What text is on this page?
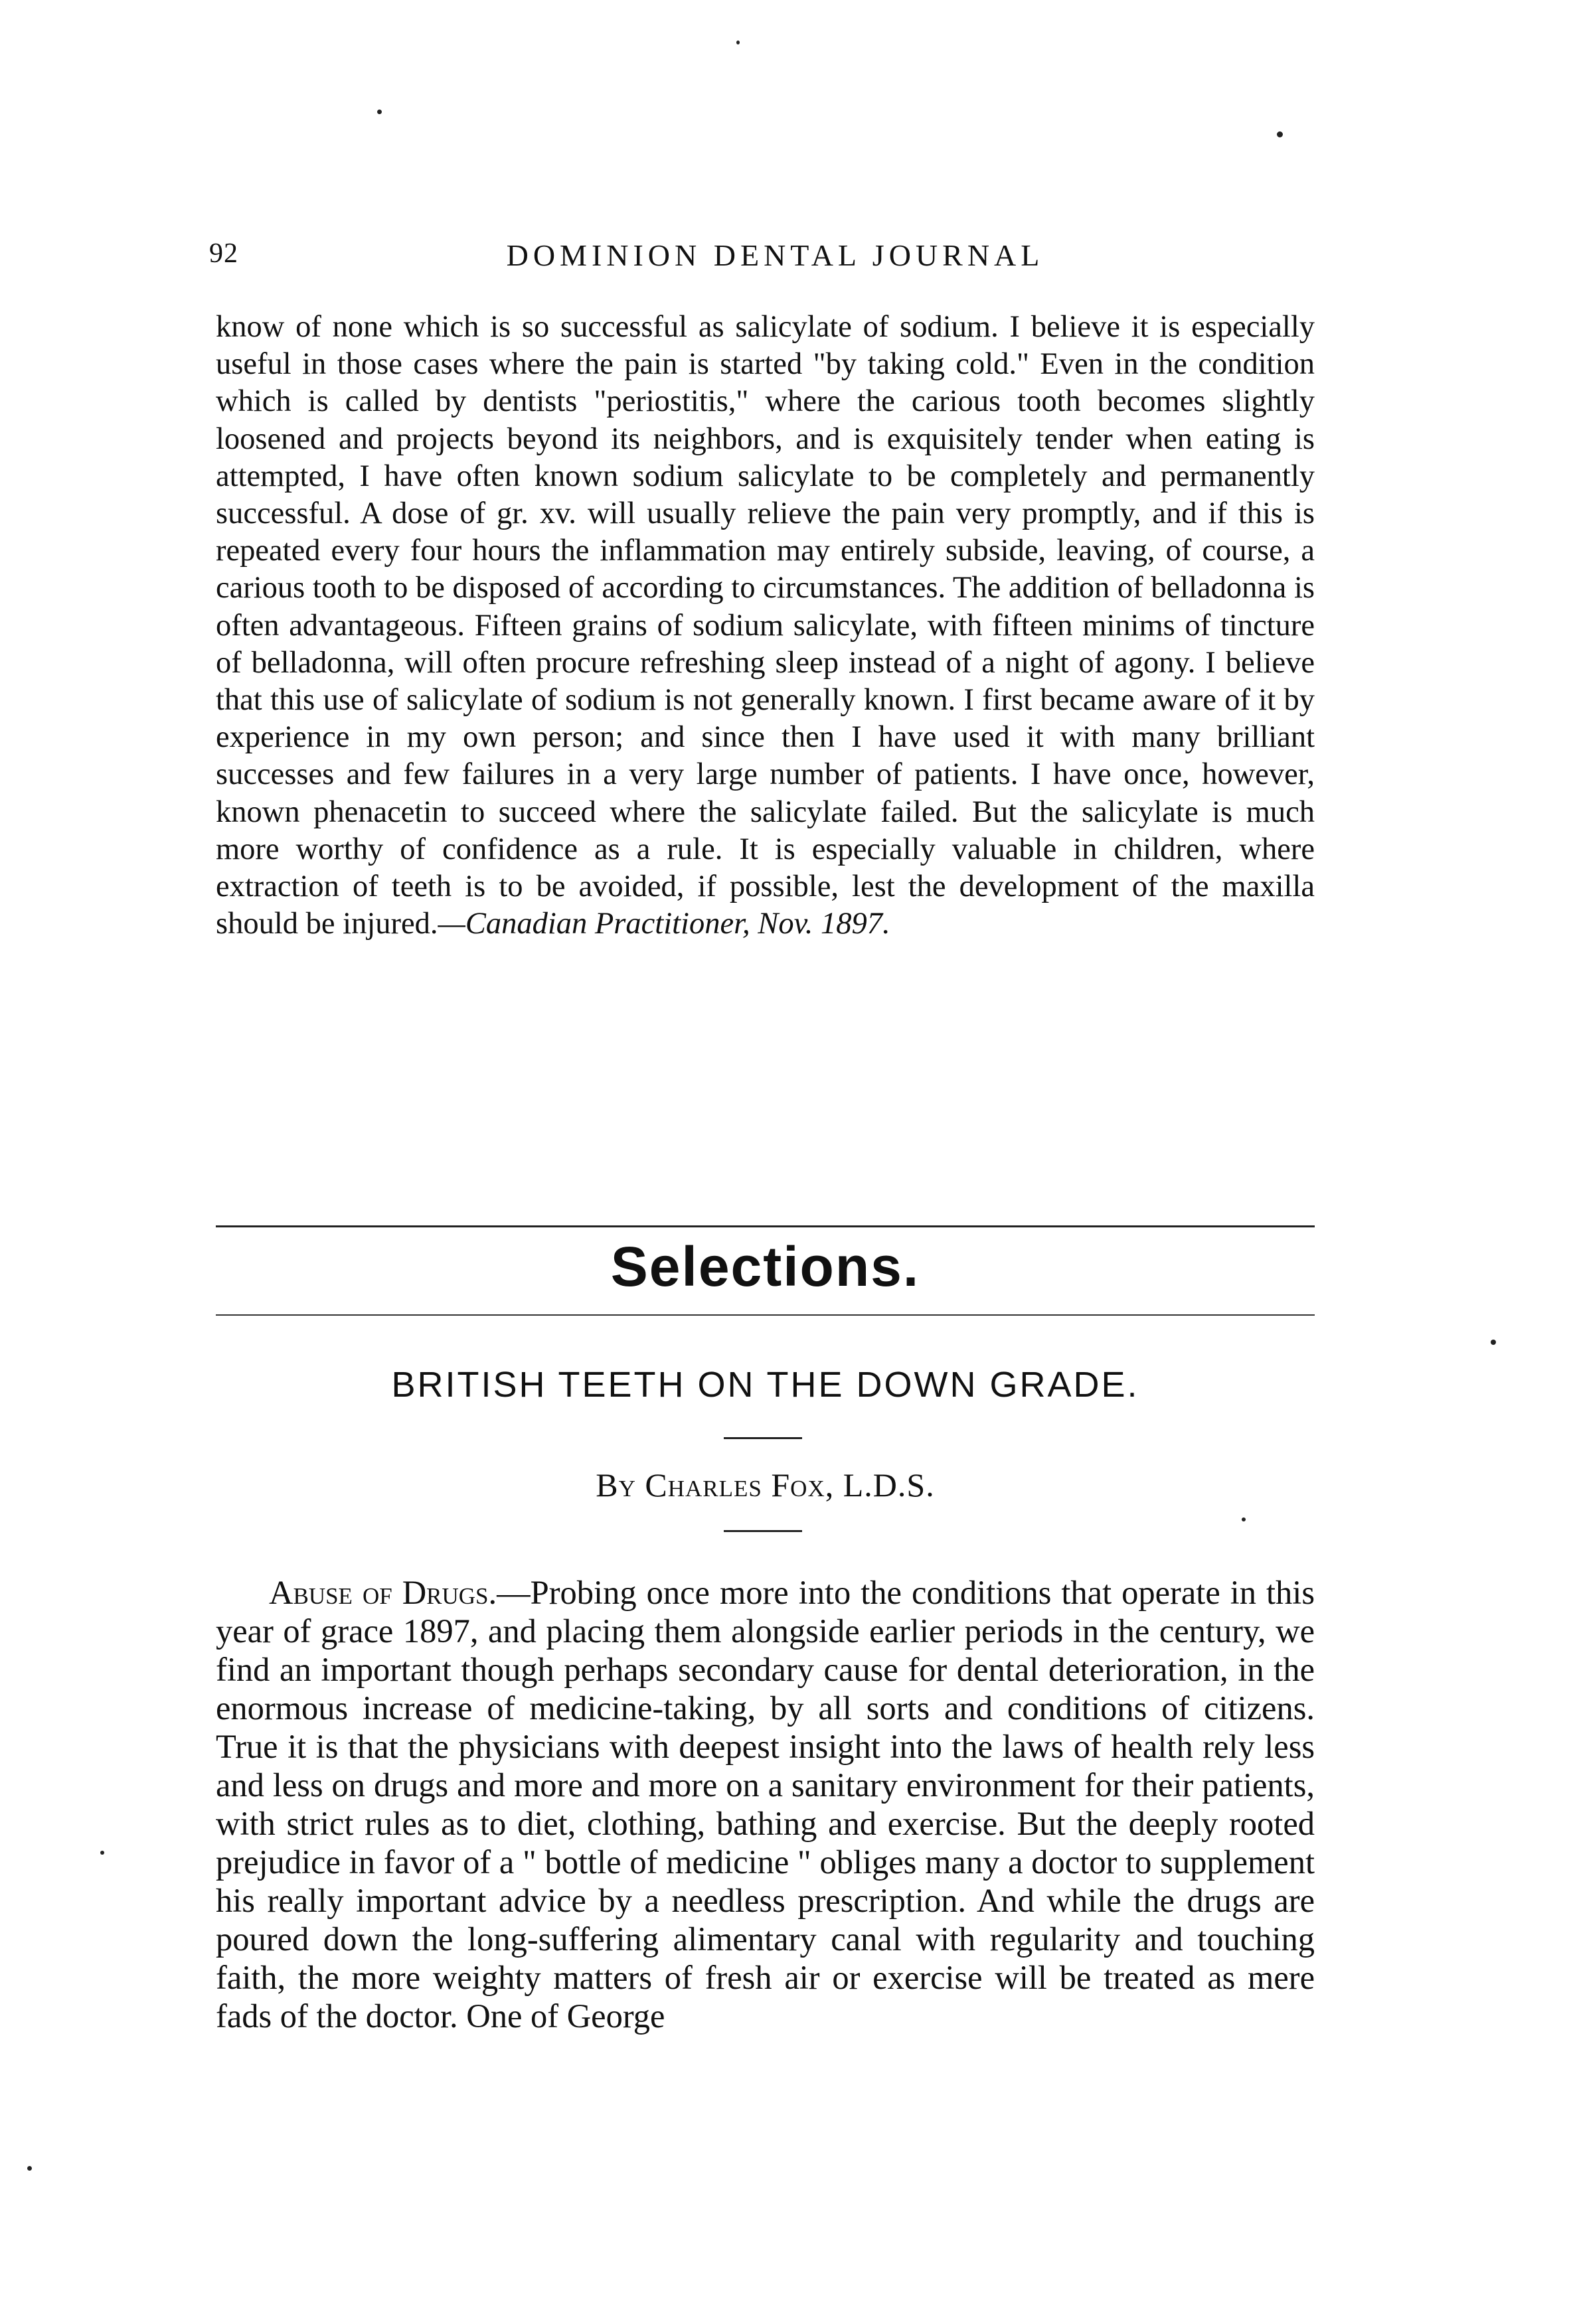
92	DOMINION DENTAL JOURNAL

know of none which is so successful as salicylate of sodium. I believe it is especially useful in those cases where the pain is started "by taking cold." Even in the condition which is called by dentists "periostitis," where the carious tooth becomes slightly loosened and projects beyond its neighbors, and is exquisitely tender when eating is attempted, I have often known sodium salicylate to be completely and permanently successful. A dose of gr. xv. will usually relieve the pain very promptly, and if this is repeated every four hours the inflammation may entirely subside, leaving, of course, a carious tooth to be disposed of according to circumstances. The addition of belladonna is often advantageous. Fifteen grains of sodium salicylate, with fifteen minims of tincture of belladonna, will often procure refreshing sleep instead of a night of agony. I believe that this use of salicylate of sodium is not generally known. I first became aware of it by experience in my own person; and since then I have used it with many brilliant successes and few failures in a very large number of patients. I have once, however, known phenacetin to succeed where the salicylate failed. But the salicylate is much more worthy of confidence as a rule. It is especially valuable in children, where extraction of teeth is to be avoided, if possible, lest the development of the maxilla should be injured.—Canadian Practitioner, Nov. 1897.

Selections.
BRITISH TEETH ON THE DOWN GRADE.
By Charles Fox, L.D.S.

Abuse of Drugs.—Probing once more into the conditions that operate in this year of grace 1897, and placing them alongside earlier periods in the century, we find an important though perhaps secondary cause for dental deterioration, in the enormous increase of medicine-taking, by all sorts and conditions of citizens. True it is that the physicians with deepest insight into the laws of health rely less and less on drugs and more and more on a sanitary environment for their patients, with strict rules as to diet, clothing, bathing and exercise. But the deeply rooted prejudice in favor of a " bottle of medicine " obliges many a doctor to supplement his really important advice by a needless prescription. And while the drugs are poured down the long-suffering alimentary canal with regularity and touching faith, the more weighty matters of fresh air or exercise will be treated as mere fads of the doctor. One of George
